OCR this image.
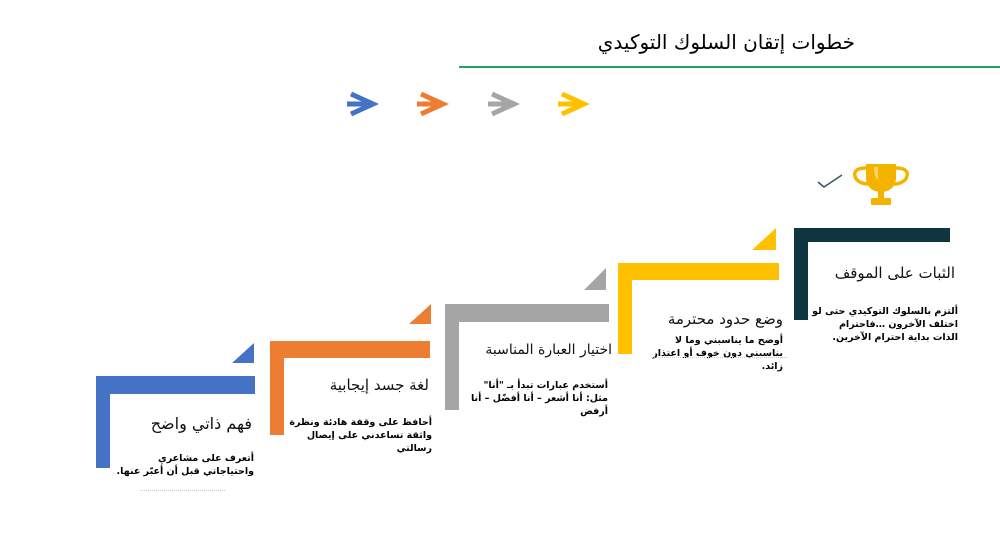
خطوات إتقان السلوك التوكيدي
فهم ذاتي واضح
أتعرف على مشاعري واحتياجاتي قبل أن أعبّر عنها.
لغة جسد إيجابية
أحافظ على وقفة هادئة ونظرة واثقة تساعدني على إيصال رسالتي
اختيار العبارة المناسبة
أستخدم عبارات تبدأ بـ "أنا" مثل: أنا أشعر – أنا أفضّل – أنا أرفض
وضع حدود محترمة
أوضح ما يناسبني وما لا يناسبني دون خوف أو اعتذار زائد.
الثبات على الموقف
ألتزم بالسلوك التوكيدي حتى لو اختلف الآخرون …فاحترام الذات بداية احترام الآخرين.
